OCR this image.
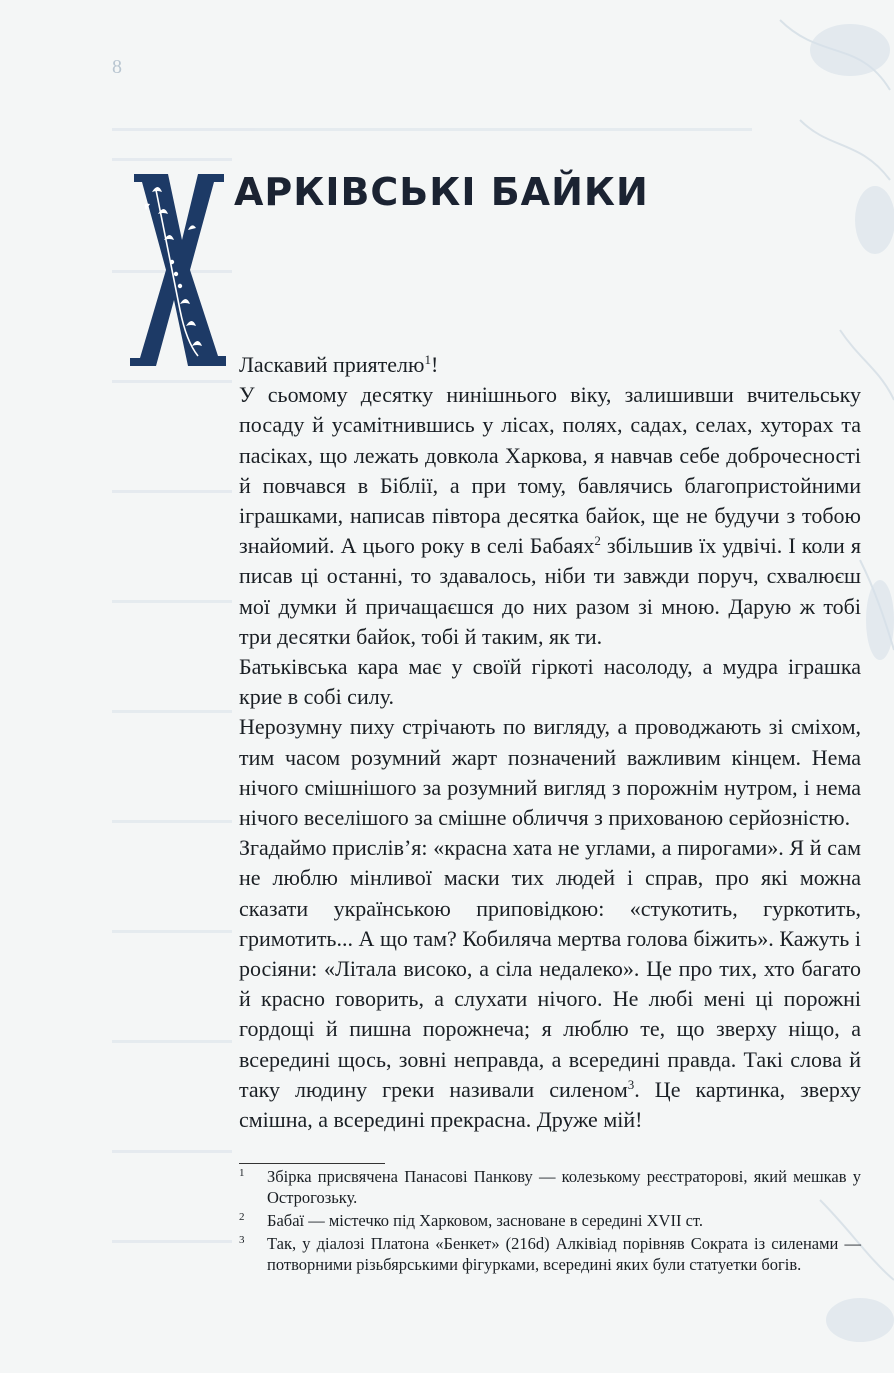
8
АРКІВСЬКІ БАЙКИ

Ласкавий приятелю$^1$!

У сьомому десятку нинішнього віку, залишивши вчительську посаду й усамітнившись у лісах, полях, садах, селах, хуторах та пасіках, що лежать довкола Харкова, я навчав себе доброчесності й повчався в Біблії, а при тому, бавлячись благопристойними іграшками, написав півтора десятка байок, ще не будучи з тобою знайомий. А цього року в селі Бабаях$^2$ збільшив їх удвічі. І коли я писав ці останні, то здавалось, ніби ти завжди поруч, схвалюєш мої думки й причащаєшся до них разом зі мною. Дарую ж тобі три десятки байок, тобі й таким, як ти.

Батьківська кара має у своїй гіркоті насолоду, а мудра іграшка крие в собі силу.

Нерозумну пиху стрічають по вигляду, а проводжають зі сміхом, тим часом розумний жарт позначений важливим кінцем. Нема нічого смішнішого за розумний вигляд з порожнім нутром, і нема нічого веселішого за смішне обличчя з прихованою серйозністю.

Згадаймо прислів’я: «красна хата не углами, а пирогами». Я й сам не люблю мінливої маски тих людей і справ, про які можна сказати українською приповідкою: «стукотить, гуркотить, гримотить... А що там? Кобиляча мертва голова біжить». Кажуть і росіяни: «Літала високо, а сіла недалеко». Це про тих, хто багато й красно говорить, а слухати нічого. Не любі мені ці порожні гордощі й пишна порожнеча; я люблю те, що зверху ніщо, а всередині щось, зовні неправда, а всередині правда. Такі слова й таку людину греки називали силеном$^3$. Це картинка, зверху смішна, а всередині прекрасна. Друже мій!

1 Збірка присвячена Панасові Панкову — колезькому реєстраторові, який мешкав у Острогозьку.
2 Бабаї — містечко під Харковом, засноване в середині XVII ст.
3 Так, у діалозі Платона «Бенкет» (216d) Алківіад порівняв Сократа із силенами — потворними різьбярськими фігурками, всередині яких були статуетки богів.
